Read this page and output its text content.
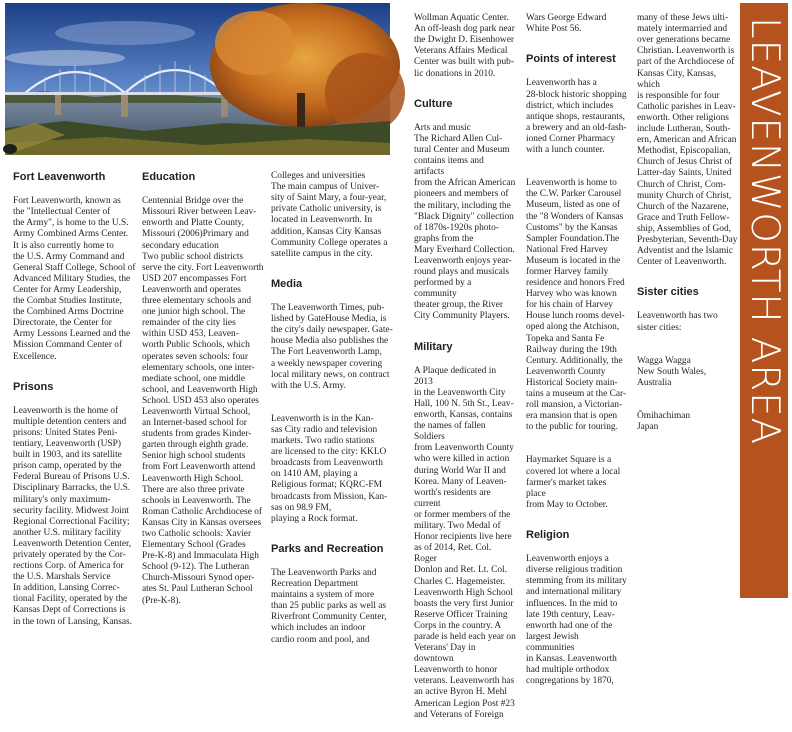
Fort Leavenworth

Fort Leavenworth, known as
the "Intellectual Center of
the Army", is home to the U.S.
Army Combined Arms Center.
It is also currently home to
the U.S. Army Command and
General Staff College, School of
Advanced Military Studies, the
Center for Army Leadership,
the Combat Studies Institute,
the Combined Arms Doctrine
Directorate, the Center for
Army Lessons Learned and the
Mission Command Center of
Excellence.

Prisons

Leavenworth is the home of
multiple detention centers and
prisons: United States Peni-
tentiary, Leavenworth (USP)
built in 1903, and its satellite
prison camp, operated by the
Federal Bureau of Prisons U.S.
Disciplinary Barracks, the U.S.
military's only maximum-
security facility. Midwest Joint
Regional Correctional Facility;
another U.S. military facility
Leavenworth Detention Center,
privately operated by the Cor-
rections Corp. of America for
the U.S. Marshals Service
In addition, Lansing Correc-
tional Facility, operated by the
Kansas Dept of Corrections is
in the town of Lansing, Kansas.

Education

Centennial Bridge over the
Missouri River between Leav-
enworth and Platte County,
Missouri (2006)Primary and
secondary education
Two public school districts
serve the city. Fort Leavenworth
USD 207 encompasses Fort
Leavenworth and operates
three elementary schools and
one junior high school. The
remainder of the city lies
within USD 453, Leaven-
worth Public Schools, which
operates seven schools: four
elementary schools, one inter-
mediate school, one middle
school, and Leavenworth High
School. USD 453 also operates
Leavenworth Virtual School,
an Internet-based school for
students from grades Kinder-
garten through eighth grade.
Senior high school students
from Fort Leavenworth attend
Leavenworth High School.
There are also three private
schools in Leavenworth. The
Roman Catholic Archdiocese of
Kansas City in Kansas oversees
two Catholic schools: Xavier
Elementary School (Grades
Pre-K-8) and Immaculata High
School (9-12). The Lutheran
Church-Missouri Synod oper-
ates St. Paul Lutheran School
(Pre-K-8).

Colleges and universities
The main campus of Univer-
sity of Saint Mary, a four-year,
private Catholic university, is
located in Leavenworth. In
addition, Kansas City Kansas
Community College operates a
satellite campus in the city.

Media

The Leavenworth Times, pub-
lished by GateHouse Media, is
the city's daily newspaper. Gate-
house Media also publishes the
The Fort Leavenworth Lamp,
a weekly newspaper covering
local military news, on contract
with the U.S. Army.

Leavenworth is in the Kan-
sas City radio and television
markets. Two radio stations
are licensed to the city: KKLO
broadcasts from Leavenworth
on 1410 AM, playing a
Religious format; KQRC-FM
broadcasts from Mission, Kan-
sas on 98.9 FM,
playing a Rock format.

Parks and Recreation

The Leavenworth Parks and
Recreation Department
maintains a system of more
than 25 public parks as well as
Riverfront Community Center,
which includes an indoor
cardio room and pool, and

Wollman Aquatic Center.
An off-leash dog park near
the Dwight D. Eisenhower
Veterans Affairs Medical
Center was built with pub-
lic donations in 2010.

Culture

Arts and music
The Richard Allen Cul-
tural Center and Museum
contains items and artifacts
from the African American
pioneers and members of
the military, including the
"Black Dignity" collection
of 1870s-1920s photo-
graphs from the
Mary Everhard Collection.
Leavenworth enjoys year-
round plays and musicals
performed by a community
theater group, the River
City Community Players.

Military

A Plaque dedicated in 2013
in the Leavenworth City
Hall, 100 N. 5th St., Leav-
enworth, Kansas, contains
the names of fallen Soldiers
from Leavenworth County
who were killed in action
during World War II and
Korea. Many of Leaven-
worth's residents are current
or former members of the
military. Two Medal of
Honor recipients live here
as of 2014, Ret. Col. Roger
Donlon and Ret. Lt. Col.
Charles C. Hagemeister.
Leavenworth High School
boasts the very first Junior
Reserve Officer Training
Corps in the country. A
parade is held each year on
Veterans' Day in downtown
Leavenworth to honor
veterans. Leavenworth has
an active Byron H. Mehl
American Legion Post #23
and Veterans of Foreign

Wars George Edward
White Post 56.

Points of interest

Leavenworth has a
28-block historic shopping
district, which includes
antique shops, restaurants,
a brewery and an old-fash-
ioned Corner Pharmacy
with a lunch counter.

Leavenworth is home to
the C.W. Parker Carousel
Museum, listed as one of
the "8 Wonders of Kansas
Customs" by the Kansas
Sampler Foundation.The
National Fred Harvey
Museum is located in the
former Harvey family
residence and honors Fred
Harvey who was known
for his chain of Harvey
House lunch rooms devel-
oped along the Atchison,
Topeka and Santa Fe
Railway during the 19th
Century. Additionally, the
Leavenworth County
Historical Society main-
tains a museum at the Car-
roll mansion, a Victorian-
era mansion that is open
to the public for touring.

Haymarket Square is a
covered lot where a local
farmer's market takes place
from May to October.

Religion

Leavenworth enjoys a
diverse religious tradition
stemming from its military
and international military
influences. In the mid to
late 19th century, Leav-
enworth had one of the
largest Jewish communities
in Kansas. Leavenworth
had multiple orthodox
congregations by 1870,

many of these Jews ulti-
mately intermarried and
over generations became
Christian. Leavenworth is
part of the Archdiocese of
Kansas City, Kansas, which
is responsible for four
Catholic parishes in Leav-
enworth. Other religions
include Lutheran, South-
ern, American and African
Methodist, Episcopalian,
Church of Jesus Christ of
Latter-day Saints, United
Church of Christ, Com-
munity Church of Christ,
Church of the Nazarene,
Grace and Truth Fellow-
ship, Assemblies of God,
Presbyterian, Seventh-Day
Adventist and the Islamic
Center of Leavenworth.

Sister cities

Leavenworth has two
sister cities:

Wagga Wagga
New South Wales,
Australia

Ōmihachiman
Japan	LEAVENWORTH AREA
